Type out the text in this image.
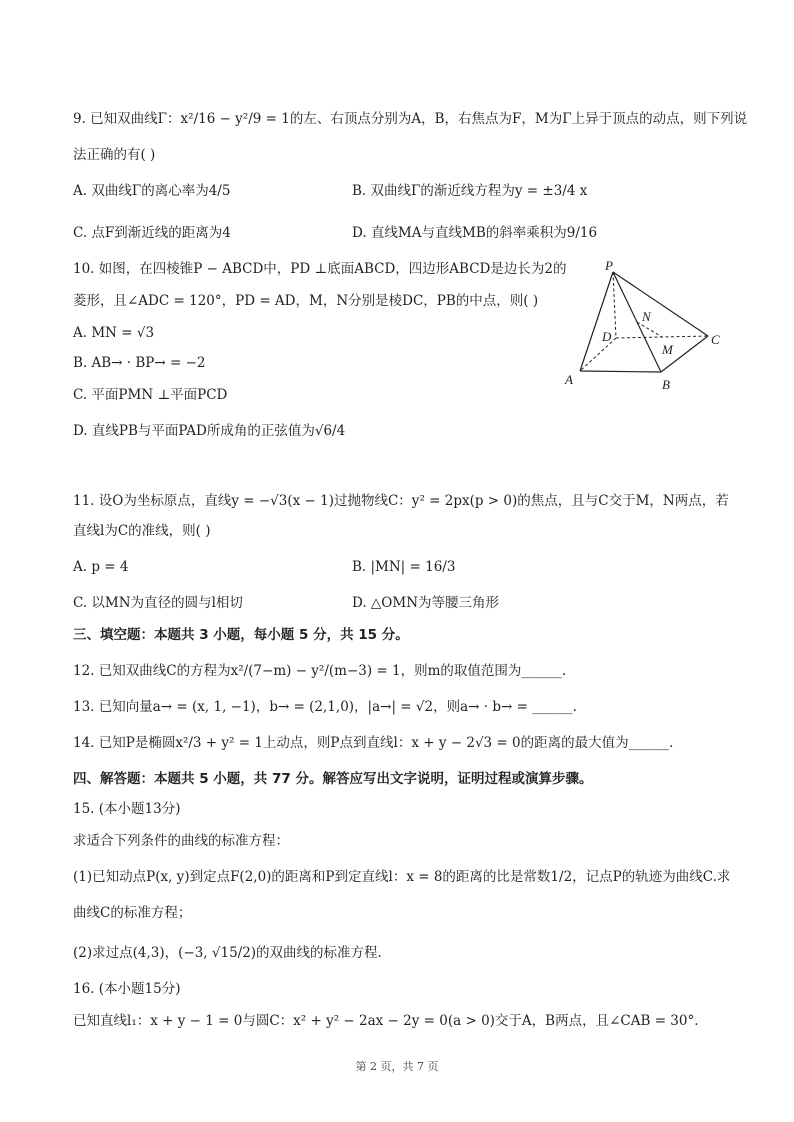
9. 已知双曲线Γ：x²/16 − y²/9 = 1的左、右顶点分别为A，B，右焦点为F，M为Γ上异于顶点的动点，则下列说
法正确的有( )
A. 双曲线Γ的离心率为4/5	B. 双曲线Γ的渐近线方程为y = ±3/4 x
C. 点F到渐近线的距离为4	D. 直线MA与直线MB的斜率乘积为9/16
10. 如图，在四棱锥P − ABCD中，PD ⊥底面ABCD，四边形ABCD是边长为2的
菱形，且∠ADC = 120°，PD = AD，M，N分别是棱DC，PB的中点，则( )
A. MN = √3
B. AB→ · BP→ = −2
C. 平面PMN ⊥平面PCD
D. 直线PB与平面PAD所成角的正弦值为√6/4
P
N
D	C
M
A	B
11. 设O为坐标原点，直线y = −√3(x − 1)过抛物线C：y² = 2px(p > 0)的焦点，且与C交于M，N两点，若
直线l为C的准线，则( )
A. p = 4	B. |MN| = 16/3
C. 以MN为直径的圆与l相切	D. △OMN为等腰三角形
三、填空题：本题共 3 小题，每小题 5 分，共 15 分。
12. 已知双曲线C的方程为x²/(7−m) − y²/(m−3) = 1，则m的取值范围为______.
13. 已知向量a→ = (x, 1, −1)，b→ = (2,1,0)，|a→| = √2，则a→ · b→ = ______.
14. 已知P是椭圆x²/3 + y² = 1上动点，则P点到直线l：x + y − 2√3 = 0的距离的最大值为______.
四、解答题：本题共 5 小题，共 77 分。解答应写出文字说明，证明过程或演算步骤。
15. (本小题13分)
求适合下列条件的曲线的标准方程：
(1)已知动点P(x, y)到定点F(2,0)的距离和P到定直线l：x = 8的距离的比是常数1/2，记点P的轨迹为曲线C.求
曲线C的标准方程；
(2)求过点(4,3)，(−3, √15/2)的双曲线的标准方程.
16. (本小题15分)
已知直线l₁：x + y − 1 = 0与圆C：x² + y² − 2ax − 2y = 0(a > 0)交于A，B两点，且∠CAB = 30°.
第 2 页，共 7 页
